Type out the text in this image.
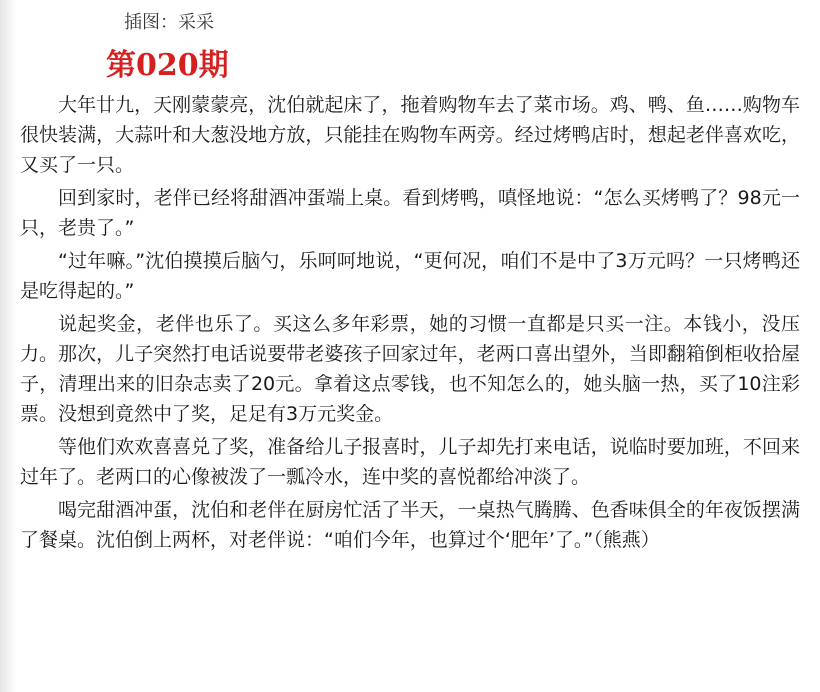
插图：采采
第020期

大年廿九，天刚蒙蒙亮，沈伯就起床了，拖着购物车去了菜市场。鸡、鸭、鱼……购物车很快装满，大蒜叶和大葱没地方放，只能挂在购物车两旁。经过烤鸭店时，想起老伴喜欢吃，又买了一只。

回到家时，老伴已经将甜酒冲蛋端上桌。看到烤鸭，嗔怪地说：“怎么买烤鸭了？98元一只，老贵了。”

“过年嘛。”沈伯摸摸后脑勺，乐呵呵地说，“更何况，咱们不是中了3万元吗？一只烤鸭还是吃得起的。”

说起奖金，老伴也乐了。买这么多年彩票，她的习惯一直都是只买一注。本钱小，没压力。那次，儿子突然打电话说要带老婆孩子回家过年，老两口喜出望外，当即翻箱倒柜收拾屋子，清理出来的旧杂志卖了20元。拿着这点零钱，也不知怎么的，她头脑一热，买了10注彩票。没想到竟然中了奖，足足有3万元奖金。

等他们欢欢喜喜兑了奖，准备给儿子报喜时，儿子却先打来电话，说临时要加班，不回来过年了。老两口的心像被泼了一瓢冷水，连中奖的喜悦都给冲淡了。

喝完甜酒冲蛋，沈伯和老伴在厨房忙活了半天，一桌热气腾腾、色香味俱全的年夜饭摆满了餐桌。沈伯倒上两杯，对老伴说：“咱们今年，也算过个‘肥年’了。”（熊燕）
